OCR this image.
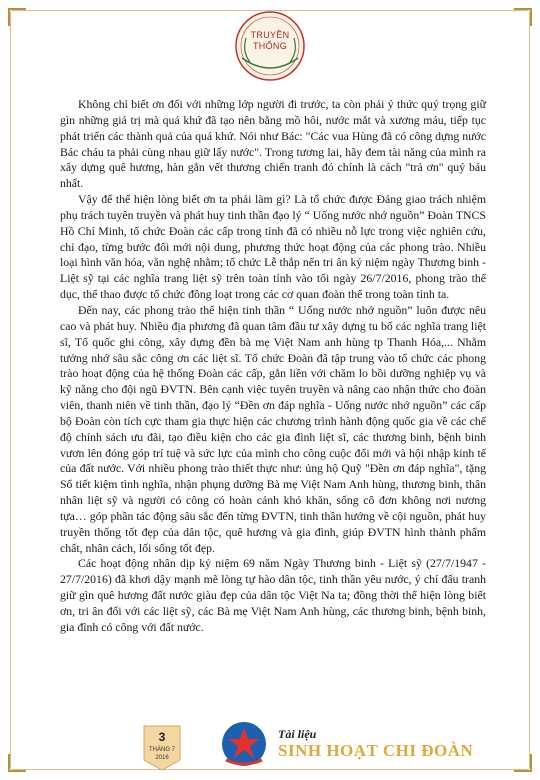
TRUYỀN
THỐNG

Không chỉ biết ơn đối với những lớp người đi trước, ta còn phải ý thức quý trọng giữ gìn những giá trị mà quá khứ đã tạo nên bằng mồ hôi, nước mắt và xương máu, tiếp tục phát triển các thành quả của quá khứ. Nói như Bác: "Các vua Hùng đã có công dựng nước Bác cháu ta phải cùng nhau giữ lấy nước". Trong tương lai, hãy đem tài năng của mình ra xây dựng quê hương, hàn gắn vết thương chiến tranh đó chính là cách "trả ơn" quý báu nhất.

Vậy để thể hiện lòng biết ơn ta phải làm gì? Là tổ chức được Đảng giao trách nhiệm phụ trách tuyên truyền và phát huy tinh thần đạo lý “ Uống nước nhớ nguồn” Đoàn TNCS Hồ Chí Minh, tổ chức Đoàn các cấp trong tỉnh đã có nhiều nỗ lực trong việc nghiên cứu, chỉ đạo, từng bước đổi mới nội dung, phương thức hoạt động của các phong trào. Nhiều loại hình văn hóa, văn nghệ nhằm; tổ chức Lễ thắp nến tri ân kỷ niệm ngày Thương binh - Liệt sỹ tại các nghĩa trang liệt sỹ trên toàn tỉnh vào tối ngày 26/7/2016, phong trào thể dục, thể thao được tổ chức đồng loạt trong các cơ quan đoàn thể trong toàn tỉnh ta.

Đến nay, các phong trào thể hiện tinh thần “ Uống nước nhớ nguồn” luôn được nêu cao và phát huy. Nhiều địa phương đã quan tâm đầu tư xây dựng tu bổ các nghĩa trang liệt sĩ, Tổ quốc ghi công, xây dựng đền bà mẹ Việt Nam anh hùng tp Thanh Hóa,... Nhằm tưởng nhớ sâu sắc công ơn các liệt sĩ. Tổ chức Đoàn đã tập trung vào tổ chức các phong trào hoạt động của hệ thống Đoàn các cấp, gắn liền với chăm lo bồi dưỡng nghiệp vụ và kỹ năng cho đội ngũ ĐVTN. Bên cạnh việc tuyên truyền và nâng cao nhận thức cho đoàn viên, thanh niên về tinh thần, đạo lý “Đền ơn đáp nghĩa - Uống nước nhớ nguồn” các cấp bộ Đoàn còn tích cực tham gia thực hiện các chương trình hành động quốc gia về các chế độ chính sách ưu đãi, tạo điều kiện cho các gia đình liệt sĩ, các thương binh, bệnh binh vươn lên đóng góp trí tuệ và sức lực của mình cho công cuộc đổi mới và hội nhập kinh tế của đất nước. Với nhiều phong trào thiết thực như: ủng hộ Quỹ "Đền ơn đáp nghĩa", tặng Sổ tiết kiệm tình nghĩa, nhận phụng dưỡng Bà mẹ Việt Nam Anh hùng, thương binh, thân nhân liệt sỹ và người có công có hoàn cảnh khó khăn, sống cô đơn không nơi nương tựa… góp phần tác động sâu sắc đến từng ĐVTN, tinh thần hướng về cội nguồn, phát huy truyền thống tốt đẹp của dân tộc, quê hương và gia đình, giúp ĐVTN hình thành phẩm chất, nhân cách, lối sống tốt đẹp.

Các hoạt động nhân dịp kỷ niệm 69 năm Ngày Thương binh - Liệt sỹ (27/7/1947 - 27/7/2016) đã khơi dậy mạnh mẽ lòng tự hào dân tộc, tinh thần yêu nước, ý chí đấu tranh giữ gìn quê hương đất nước giàu đẹp của dân tộc Việt Na ta; đồng thời thể hiện lòng biết ơn, tri ân đối với các liệt sỹ, các Bà mẹ Việt Nam Anh hùng, các thương binh, bệnh binh, gia đình có công với đất nước.

3
THÁNG 7
2016
Tài liệu
SINH HOẠT CHI ĐOÀN
